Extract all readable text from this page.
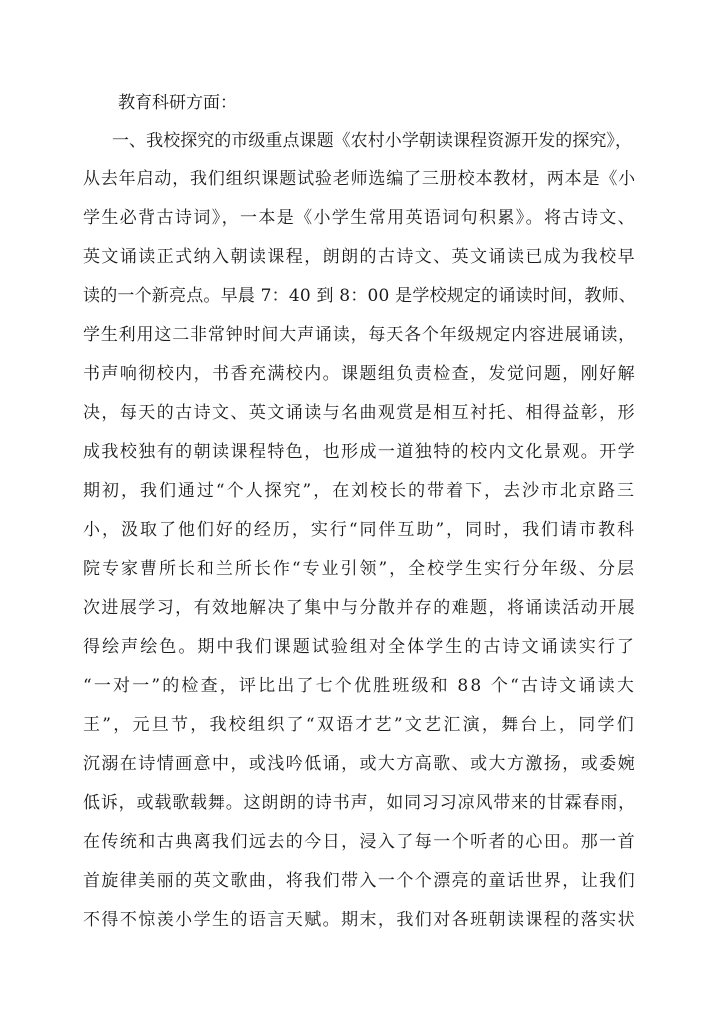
教育科研方面：
一、我校探究的市级重点课题《农村小学朝读课程资源开发的探究》，
从去年启动，我们组织课题试验老师选编了三册校本教材，两本是《小
学生必背古诗词》，一本是《小学生常用英语词句积累》。将古诗文、
英文诵读正式纳入朝读课程，朗朗的古诗文、英文诵读已成为我校早
读的一个新亮点。早晨 7：40 到 8：00 是学校规定的诵读时间，教师、
学生利用这二非常钟时间大声诵读，每天各个年级规定内容进展诵读，
书声响彻校内，书香充满校内。课题组负责检查，发觉问题，刚好解
决，每天的古诗文、英文诵读与名曲观赏是相互衬托、相得益彰，形
成我校独有的朝读课程特色，也形成一道独特的校内文化景观。开学
期初，我们通过“个人探究”，在刘校长的带着下，去沙市北京路三
小，汲取了他们好的经历，实行“同伴互助”，同时，我们请市教科
院专家曹所长和兰所长作“专业引领”，全校学生实行分年级、分层
次进展学习，有效地解决了集中与分散并存的难题，将诵读活动开展
得绘声绘色。期中我们课题试验组对全体学生的古诗文诵读实行了
“一对一”的检查，评比出了七个优胜班级和 88 个“古诗文诵读大
王”，元旦节，我校组织了“双语才艺”文艺汇演，舞台上，同学们
沉溺在诗情画意中，或浅吟低诵，或大方高歌、或大方激扬，或委婉
低诉，或载歌载舞。这朗朗的诗书声，如同习习凉风带来的甘霖春雨，
在传统和古典离我们远去的今日，浸入了每一个听者的心田。那一首
首旋律美丽的英文歌曲，将我们带入一个个漂亮的童话世界，让我们
不得不惊羡小学生的语言天赋。期末，我们对各班朝读课程的落实状
